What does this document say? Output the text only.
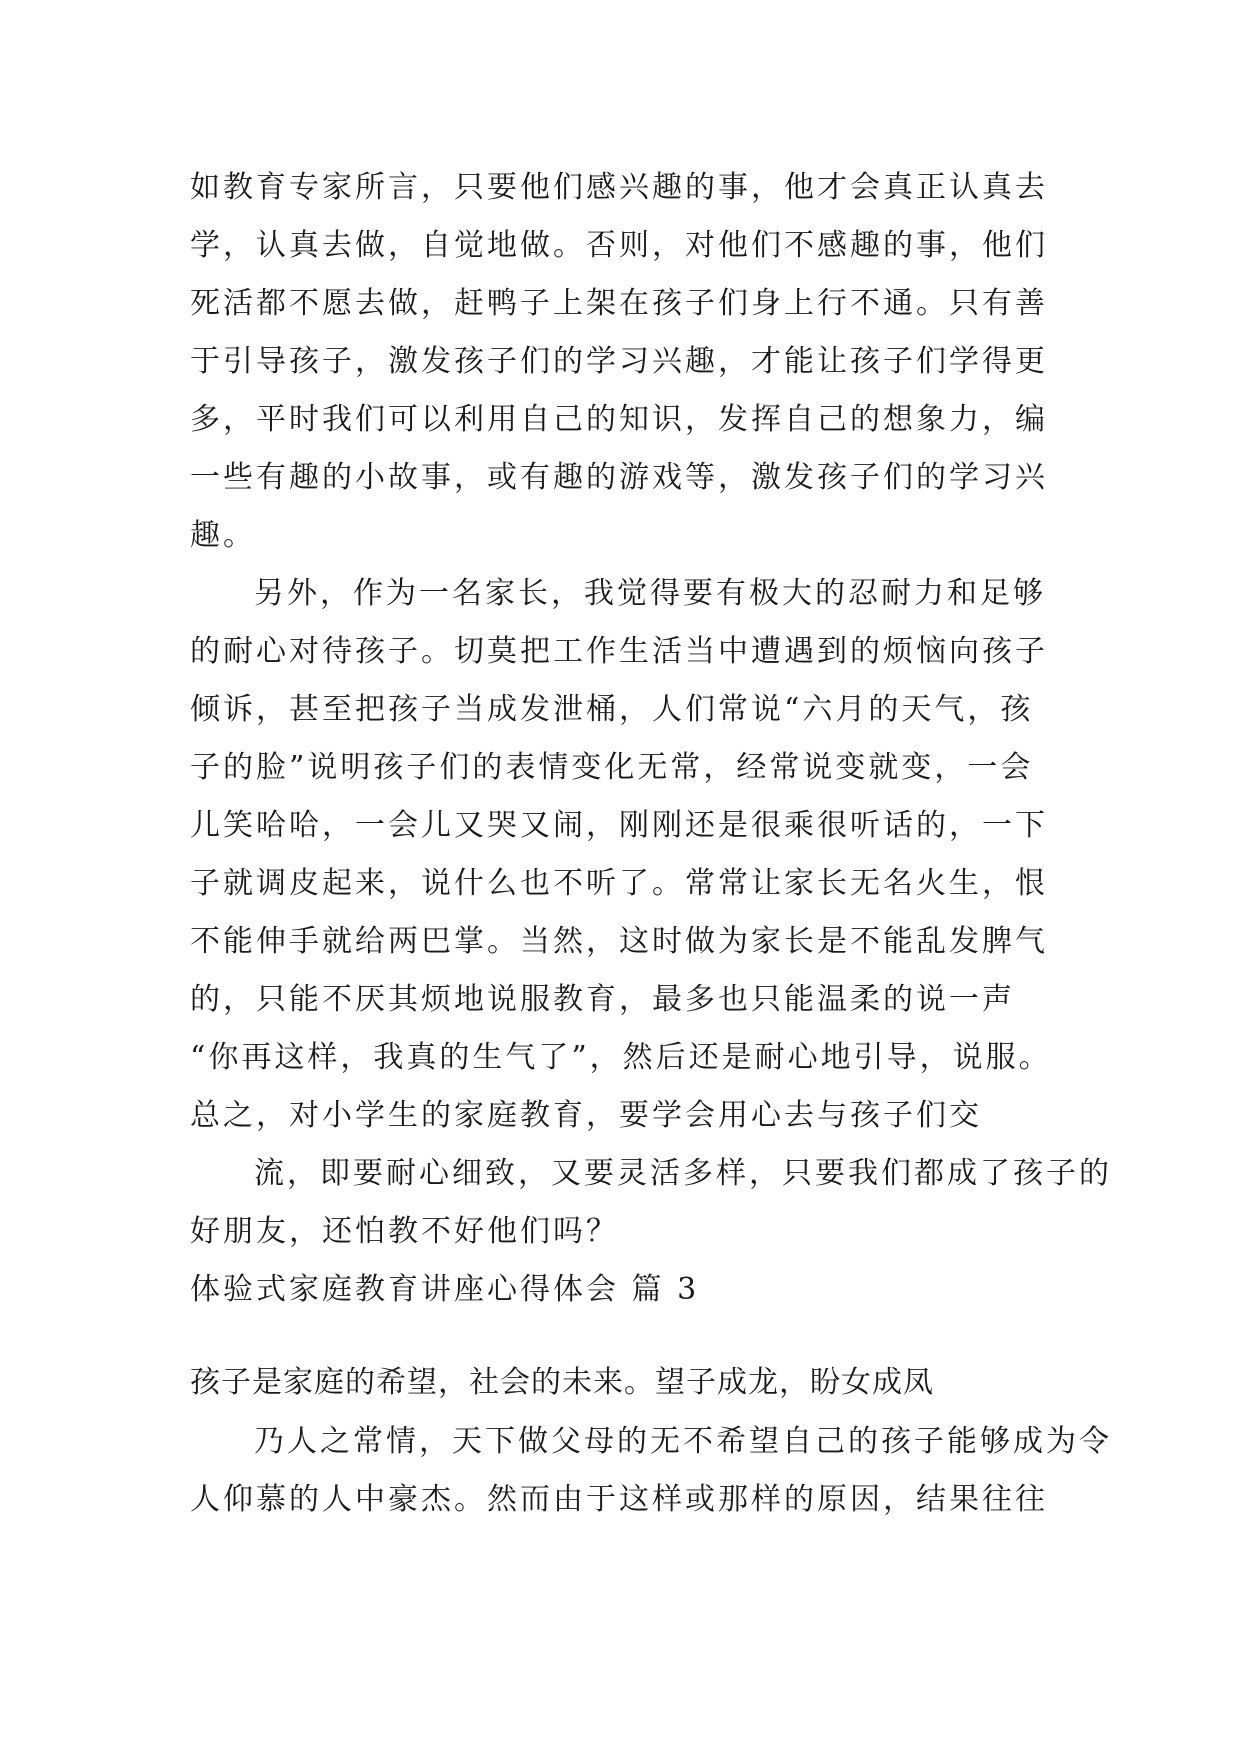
如教育专家所言，只要他们感兴趣的事，他才会真正认真去
学，认真去做，自觉地做。否则，对他们不感趣的事，他们
死活都不愿去做，赶鸭子上架在孩子们身上行不通。只有善
于引导孩子，激发孩子们的学习兴趣，才能让孩子们学得更
多，平时我们可以利用自己的知识，发挥自己的想象力，编
一些有趣的小故事，或有趣的游戏等，激发孩子们的学习兴
趣。
另外，作为一名家长，我觉得要有极大的忍耐力和足够
的耐心对待孩子。切莫把工作生活当中遭遇到的烦恼向孩子
倾诉，甚至把孩子当成发泄桶，人们常说“六月的天气，孩
子的脸”说明孩子们的表情变化无常，经常说变就变，一会
儿笑哈哈，一会儿又哭又闹，刚刚还是很乘很听话的，一下
子就调皮起来，说什么也不听了。常常让家长无名火生，恨
不能伸手就给两巴掌。当然，这时做为家长是不能乱发脾气
的，只能不厌其烦地说服教育，最多也只能温柔的说一声
“你再这样，我真的生气了”，然后还是耐心地引导，说服。
总之，对小学生的家庭教育，要学会用心去与孩子们交
流，即要耐心细致，又要灵活多样，只要我们都成了孩子的
好朋友，还怕教不好他们吗？
体验式家庭教育讲座心得体会 篇 3
孩子是家庭的希望，社会的未来。望子成龙，盼女成凤
乃人之常情，天下做父母的无不希望自己的孩子能够成为令
人仰慕的人中豪杰。然而由于这样或那样的原因，结果往往
